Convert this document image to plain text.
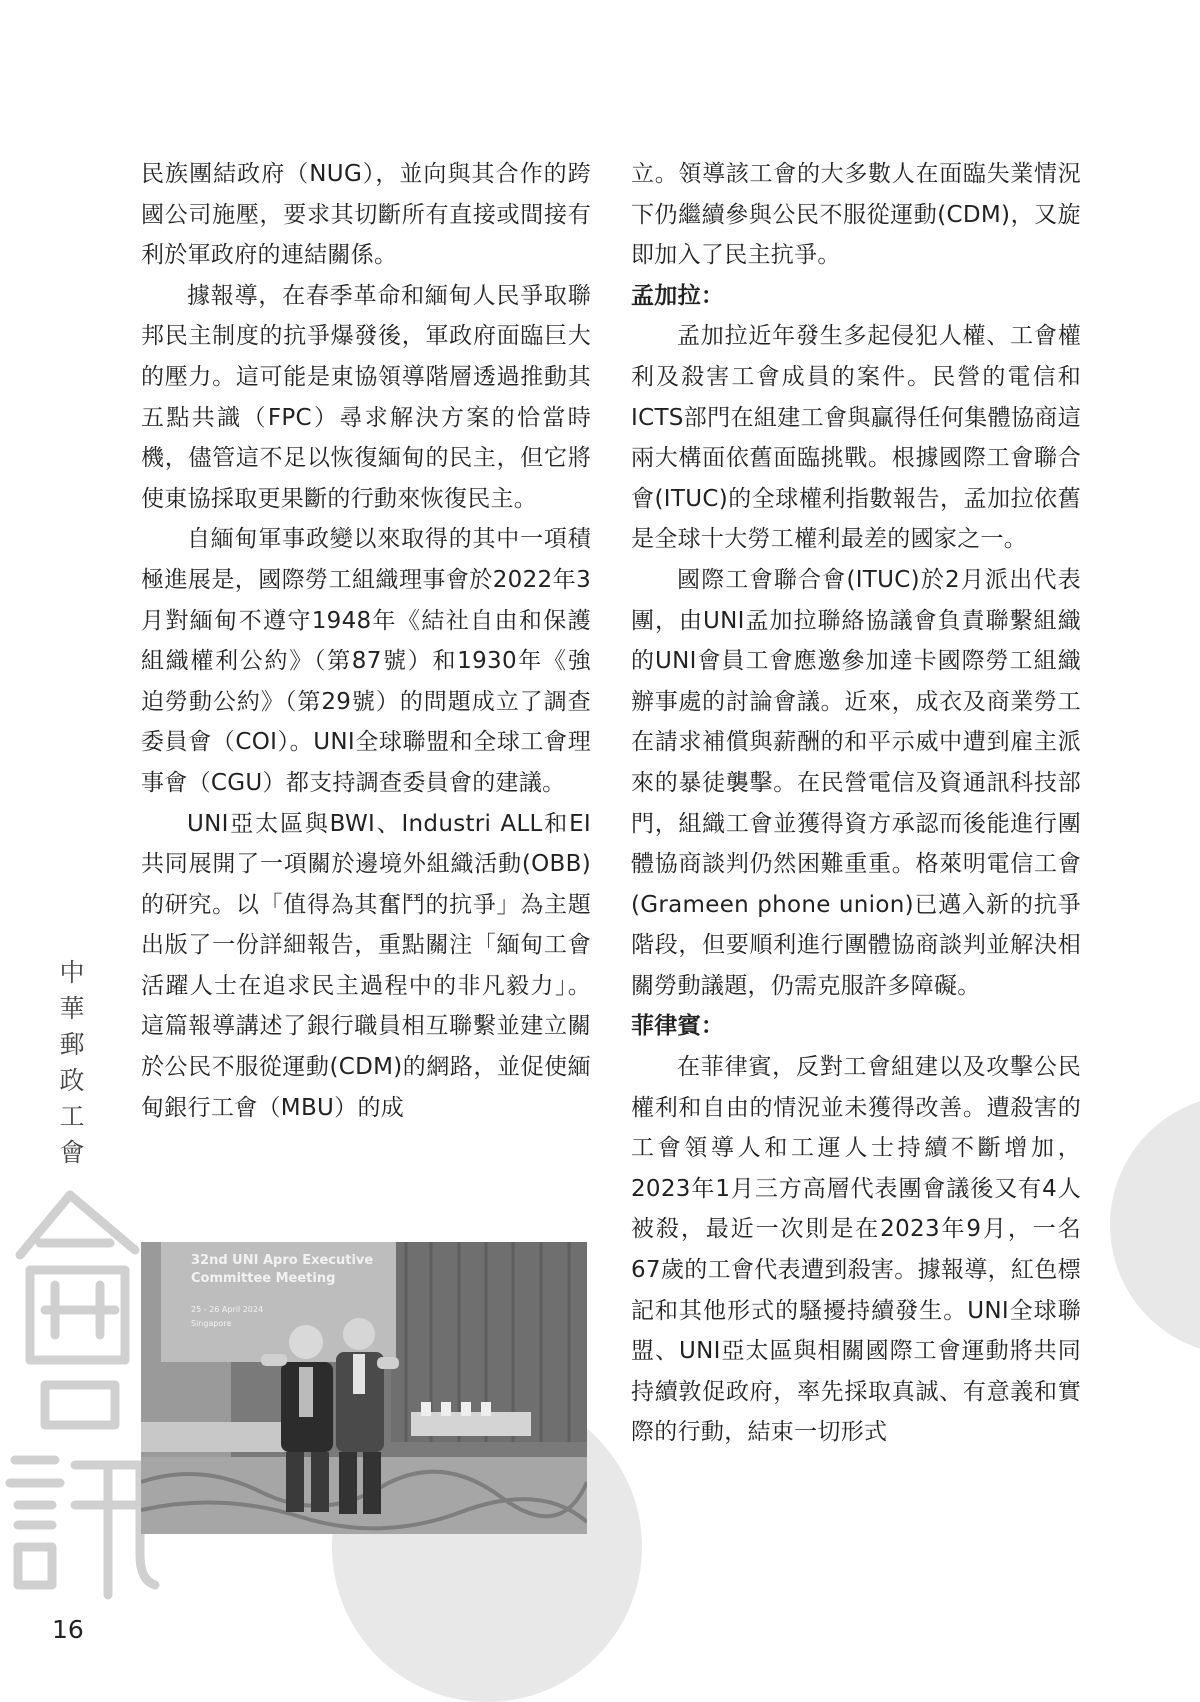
中
華
郵
政
工
會

民族團結政府（NUG），並向與其合作的跨國公司施壓，要求其切斷所有直接或間接有利於軍政府的連結關係。

據報導，在春季革命和緬甸人民爭取聯邦民主制度的抗爭爆發後，軍政府面臨巨大的壓力。這可能是東協領導階層透過推動其五點共識（FPC）尋求解決方案的恰當時機，儘管這不足以恢復緬甸的民主，但它將使東協採取更果斷的行動來恢復民主。

自緬甸軍事政變以來取得的其中一項積極進展是，國際勞工組織理事會於2022年3月對緬甸不遵守1948年《結社自由和保護組織權利公約》（第87號）和1930年《強迫勞動公約》（第29號）的問題成立了調查委員會（COI）。UNI全球聯盟和全球工會理事會（CGU）都支持調查委員會的建議。

UNI亞太區與BWI、Industri ALL和EI共同展開了一項關於邊境外組織活動(OBB)的研究。以「值得為其奮鬥的抗爭」為主題出版了一份詳細報告，重點關注「緬甸工會活躍人士在追求民主過程中的非凡毅力」。這篇報導講述了銀行職員相互聯繫並建立關於公民不服從運動(CDM)的網路，並促使緬甸銀行工會（MBU）的成

立。領導該工會的大多數人在面臨失業情況下仍繼續參與公民不服從運動(CDM)，又旋即加入了民主抗爭。

孟加拉：

孟加拉近年發生多起侵犯人權、工會權利及殺害工會成員的案件。民營的電信和ICTS部門在組建工會與贏得任何集體協商這兩大構面依舊面臨挑戰。根據國際工會聯合會(ITUC)的全球權利指數報告，孟加拉依舊是全球十大勞工權利最差的國家之一。

國際工會聯合會(ITUC)於2月派出代表團，由UNI孟加拉聯絡協議會負責聯繫組織的UNI會員工會應邀參加達卡國際勞工組織辦事處的討論會議。近來，成衣及商業勞工在請求補償與薪酬的和平示威中遭到雇主派來的暴徒襲擊。在民營電信及資通訊科技部門，組織工會並獲得資方承認而後能進行團體協商談判仍然困難重重。格萊明電信工會(Grameen phone union)已邁入新的抗爭階段，但要順利進行團體協商談判並解決相關勞動議題，仍需克服許多障礙。

菲律賓：

在菲律賓，反對工會組建以及攻擊公民權利和自由的情況並未獲得改善。遭殺害的工會領導人和工運人士持續不斷增加，2023年1月三方高層代表團會議後又有4人被殺，最近一次則是在2023年9月，一名67歲的工會代表遭到殺害。據報導，紅色標記和其他形式的騷擾持續發生。UNI全球聯盟、UNI亞太區與相關國際工會運動將共同持續敦促政府，率先採取真誠、有意義和實際的行動，結束一切形式

32nd UNI Apro Executive
Committee Meeting
25 - 26 April 2024
Singapore
16
